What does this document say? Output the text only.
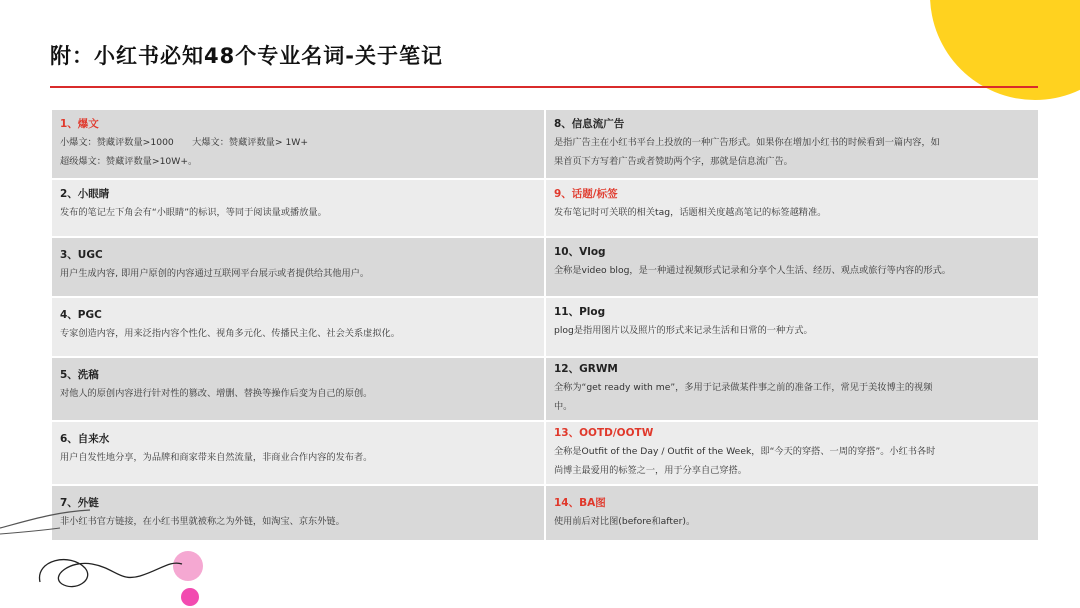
附：小红书必知48个专业名词-关于笔记
1、爆文
小爆文：赞藏评数量>1000　　大爆文：赞藏评数量> 1W+
超级爆文：赞藏评数量>10W+。
2、小眼睛
发布的笔记左下角会有“小眼睛”的标识，等同于阅读量或播放量。
3、UGC
用户生成内容, 即用户原创的内容通过互联网平台展示或者提供给其他用户。
4、PGC
专家创造内容，用来泛指内容个性化、视角多元化、传播民主化、社会关系虚拟化。
5、洗稿
对他人的原创内容进行针对性的篡改、增删、替换等操作后变为自己的原创。
6、自来水
用户自发性地分享，为品牌和商家带来自然流量，非商业合作内容的发布者。
7、外链
非小红书官方链接，在小红书里就被称之为外链，如淘宝、京东外链。
8、信息流广告
是指广告主在小红书平台上投放的一种广告形式。如果你在增加小红书的时候看到一篇内容，如
果首页下方写着广告或者赞助两个字，那就是信息流广告。
9、话题/标签
发布笔记时可关联的相关tag，话题相关度越高笔记的标签越精准。
10、Vlog
全称是video blog，是一种通过视频形式记录和分享个人生活、经历、观点或旅行等内容的形式。
11、Plog
plog是指用图片以及照片的形式来记录生活和日常的一种方式。
12、GRWM
全称为“get ready with me”，多用于记录做某件事之前的准备工作，常见于美妆博主的视频
中。
13、OOTD/OOTW
全称是Outfit of the Day / Outfit of the Week，即“今天的穿搭、一周的穿搭”。小红书各时
尚博主最爱用的标签之一，用于分享自己穿搭。
14、BA图
使用前后对比图(before和after)。
